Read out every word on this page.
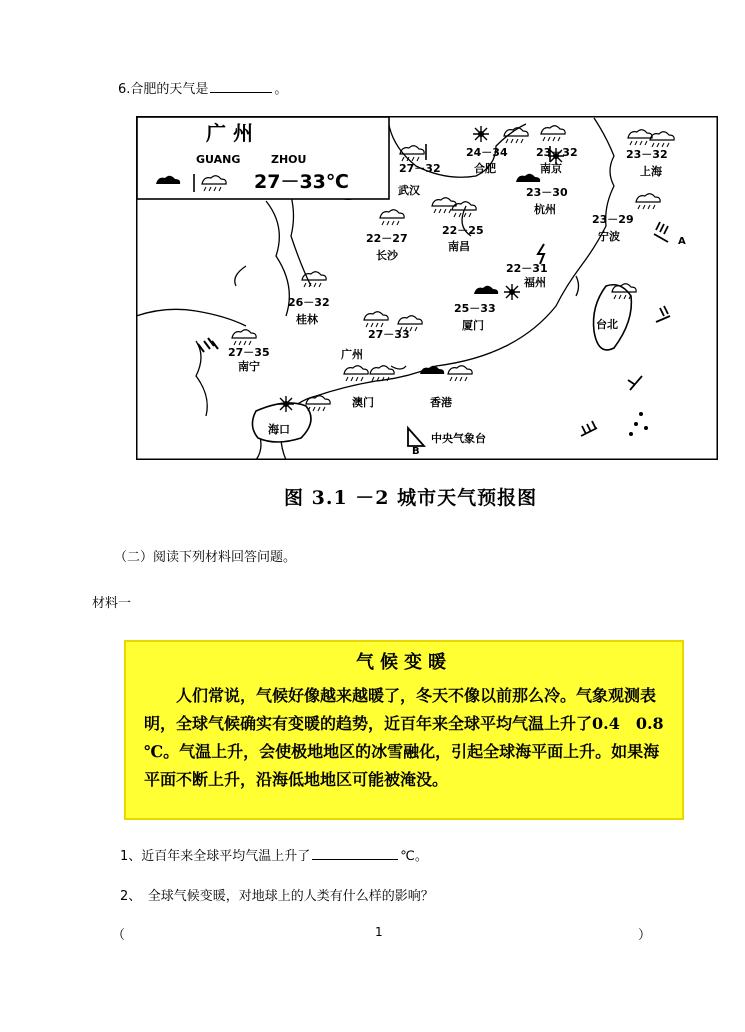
6.合肥的天气是	。
广 州
GUANG	ZHOU
27－33℃
27－32
武汉
24－34
合肥
23－32
南京
23－32
上海
23－30
杭州
23－29
宁波
22－27
长沙
22－25
南昌
22－31
福州
26－32
桂林
25－33
厦门
27－35
南宁
27－33
广州
澳门	香港
台北
海口
A
B
中央气象台
图 3.1 －2 城市天气预报图
（二）阅读下列材料回答问题。
材料一
气候变暖
人们常说，气候好像越来越暖了，冬天不像以前那么冷。气象观测表明，全球气候确实有变暖的趋势，近百年来全球平均气温上升了0.4　0.8 ℃。气温上升，会使极地地区的冰雪融化，引起全球海平面上升。如果海平面不断上升，沿海低地地区可能被淹没。
1、近百年来全球平均气温上升了	℃。
2、　全球气候变暖，对地球上的人类有什么样的影响？
（	1	）
